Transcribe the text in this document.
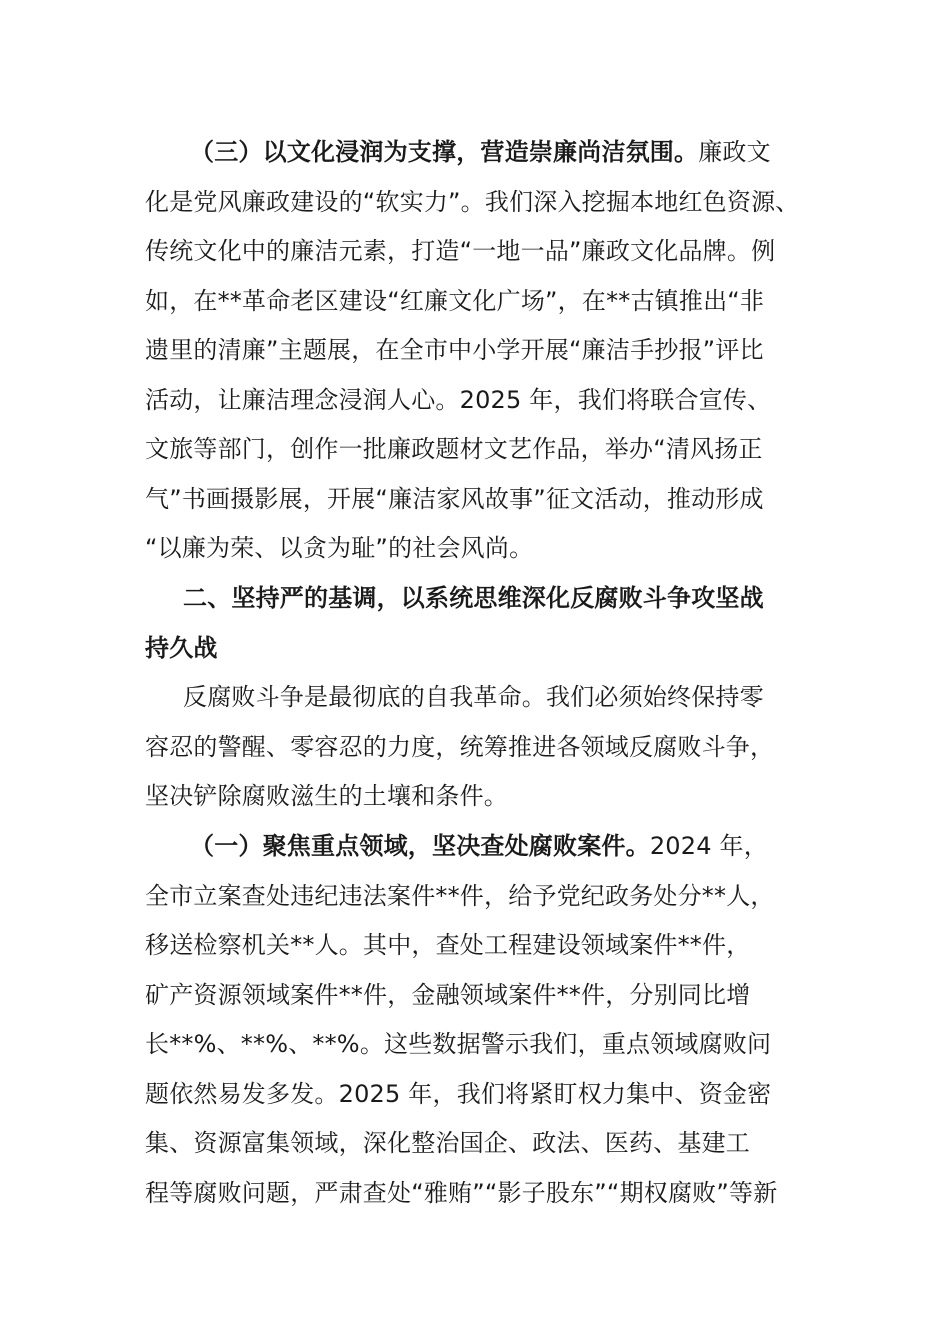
（三）以文化浸润为支撑，营造崇廉尚洁氛围。廉政文
化是党风廉政建设的“软实力”。我们深入挖掘本地红色资源、
传统文化中的廉洁元素，打造“一地一品”廉政文化品牌。例
如，在**革命老区建设“红廉文化广场”，在**古镇推出“非
遗里的清廉”主题展，在全市中小学开展“廉洁手抄报”评比
活动，让廉洁理念浸润人心。2025 年，我们将联合宣传、
文旅等部门，创作一批廉政题材文艺作品，举办“清风扬正
气”书画摄影展，开展“廉洁家风故事”征文活动，推动形成
“以廉为荣、以贪为耻”的社会风尚。
二、坚持严的基调，以系统思维深化反腐败斗争攻坚战
持久战
反腐败斗争是最彻底的自我革命。我们必须始终保持零
容忍的警醒、零容忍的力度，统筹推进各领域反腐败斗争，
坚决铲除腐败滋生的土壤和条件。
（一）聚焦重点领域，坚决查处腐败案件。2024 年，
全市立案查处违纪违法案件**件，给予党纪政务处分**人，
移送检察机关**人。其中，查处工程建设领域案件**件，
矿产资源领域案件**件，金融领域案件**件，分别同比增
长**%、**%、**%。这些数据警示我们，重点领域腐败问
题依然易发多发。2025 年，我们将紧盯权力集中、资金密
集、资源富集领域，深化整治国企、政法、医药、基建工
程等腐败问题，严肃查处“雅贿”“影子股东”“期权腐败”等新
